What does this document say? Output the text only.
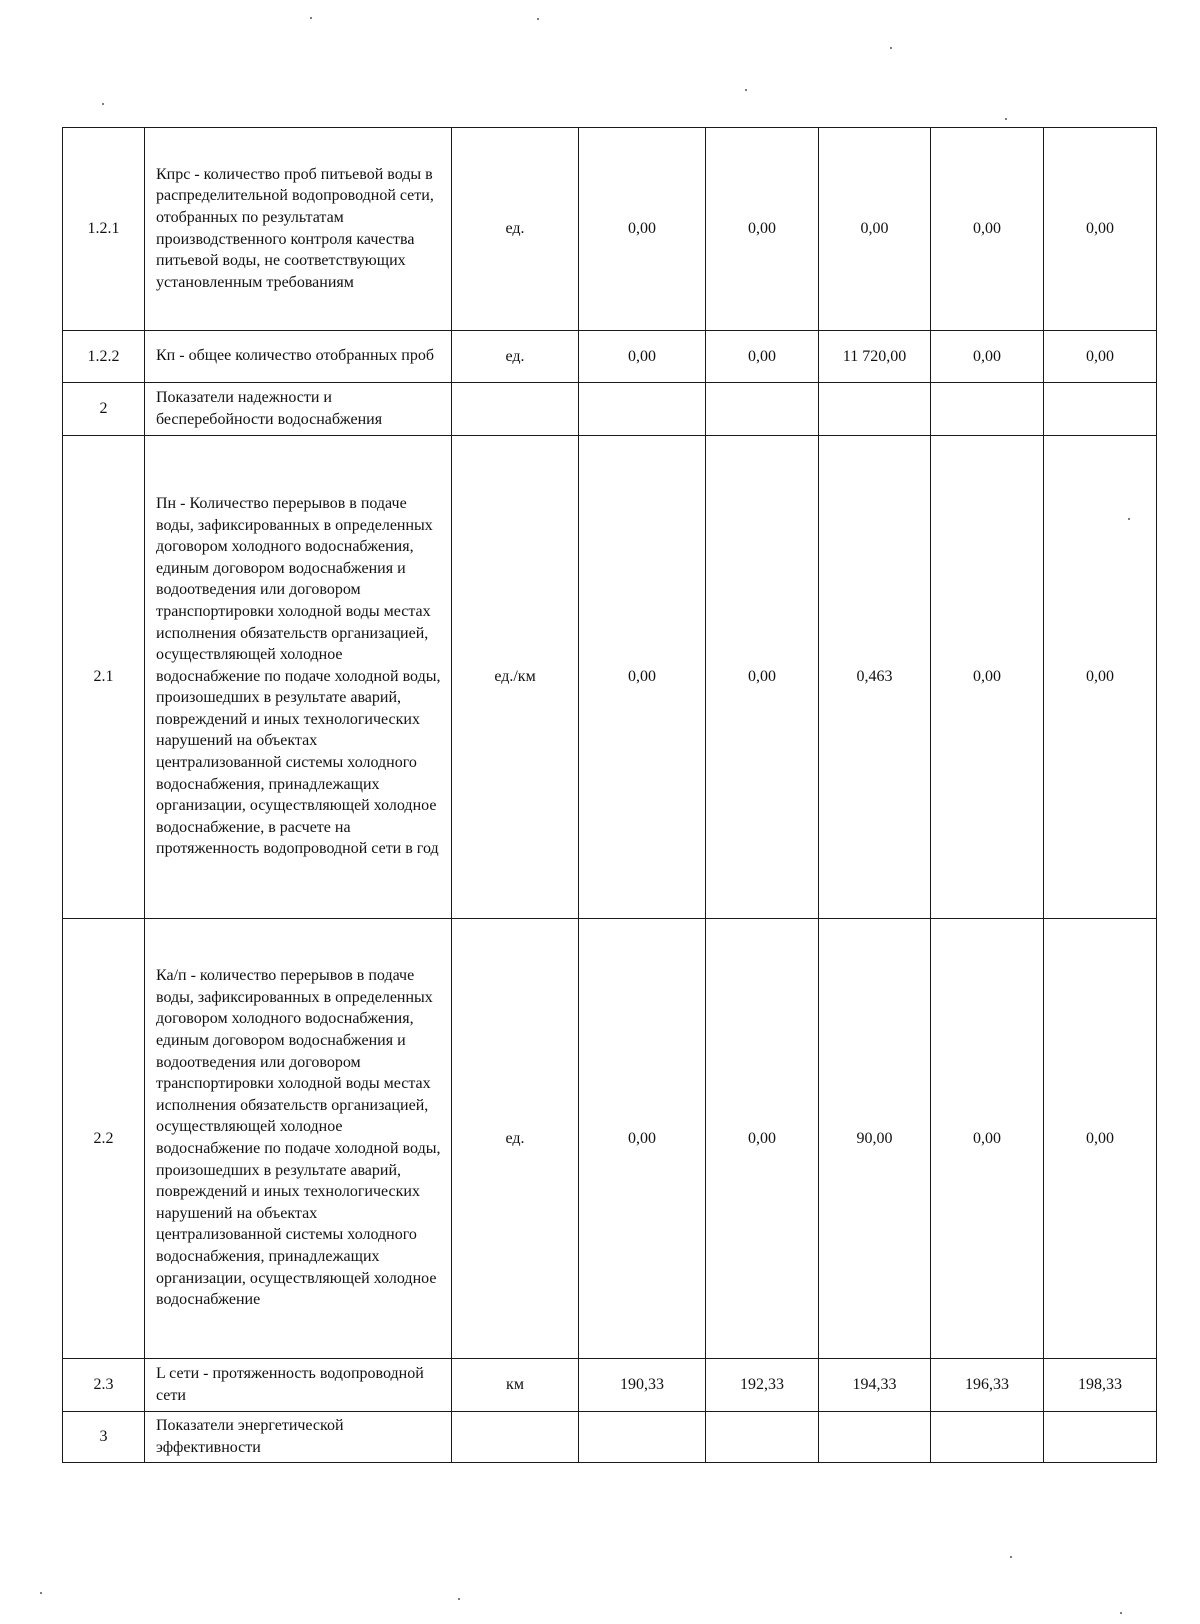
1.2.1	Кпрс - количество проб питьевой воды в распределительной водопроводной сети, отобранных по результатам производственного контроля качества питьевой воды, не соответствующих установленным требованиям	ед.	0,00	0,00	0,00	0,00	0,00
1.2.2	Кп - общее количество отобранных проб	ед.	0,00	0,00	11 720,00	0,00	0,00
2	Показатели надежности и бесперебойности водоснабжения						
2.1	Пн - Количество перерывов в подаче воды, зафиксированных в определенных договором холодного водоснабжения, единым договором водоснабжения и водоотведения или договором транспортировки холодной воды местах исполнения обязательств организацией, осуществляющей холодное водоснабжение по подаче холодной воды, произошедших в результате аварий, повреждений и иных технологических нарушений на объектах централизованной системы холодного водоснабжения, принадлежащих организации, осуществляющей холодное водоснабжение, в расчете на протяженность водопроводной сети в год	ед./км	0,00	0,00	0,463	0,00	0,00
2.2	Ка/п - количество перерывов в подаче воды, зафиксированных в определенных договором холодного водоснабжения, единым договором водоснабжения и водоотведения или договором транспортировки холодной воды местах исполнения обязательств организацией, осуществляющей холодное водоснабжение по подаче холодной воды, произошедших в результате аварий, повреждений и иных технологических нарушений на объектах централизованной системы холодного водоснабжения, принадлежащих организации, осуществляющей холодное водоснабжение	ед.	0,00	0,00	90,00	0,00	0,00
2.3	L сети - протяженность водопроводной сети	км	190,33	192,33	194,33	196,33	198,33
3	Показатели энергетической эффективности						
